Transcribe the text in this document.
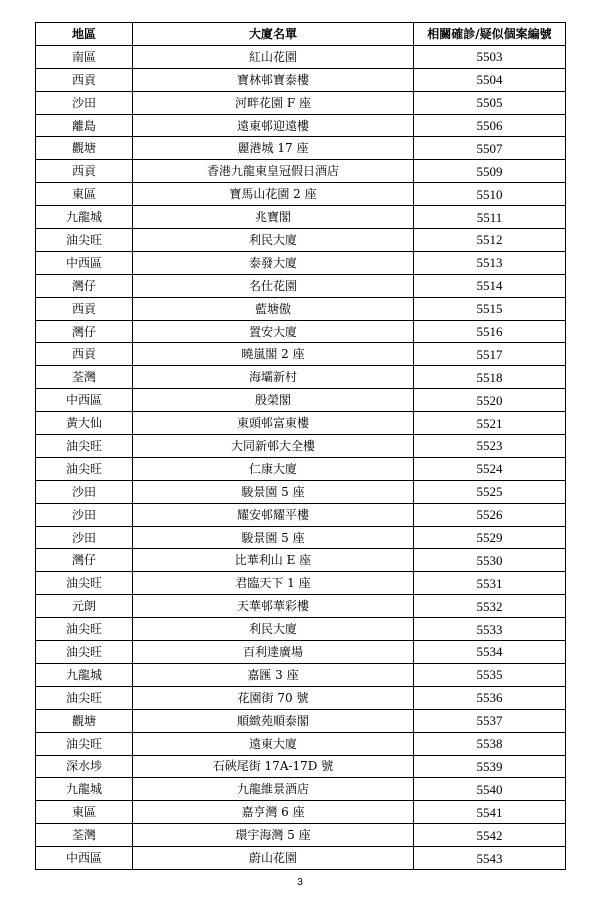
地區	大廈名單	相關確診/疑似個案編號
南區	紅山花園	5503
西貢	寶林邨寶泰樓	5504
沙田	河畔花園 F 座	5505
離島	遠東邨迎遠樓	5506
觀塘	麗港城 17 座	5507
西貢	香港九龍東皇冠假日酒店	5509
東區	寶馬山花園 2 座	5510
九龍城	兆寶閣	5511
油尖旺	利民大廈	5512
中西區	泰發大廈	5513
灣仔	名仕花園	5514
西貢	藍塘傲	5515
灣仔	置安大廈	5516
西貢	曉嵐閣 2 座	5517
荃灣	海壩新村	5518
中西區	殷榮閣	5520
黃大仙	東頭邨富東樓	5521
油尖旺	大同新邨大全樓	5523
油尖旺	仁康大廈	5524
沙田	駿景園 5 座	5525
沙田	耀安邨耀平樓	5526
沙田	駿景園 5 座	5529
灣仔	比華利山 E 座	5530
油尖旺	君臨天下 1 座	5531
元朗	天華邨華彩樓	5532
油尖旺	利民大廈	5533
油尖旺	百利達廣場	5534
九龍城	嘉匯 3 座	5535
油尖旺	花園街 70 號	5536
觀塘	順緻苑順泰閣	5537
油尖旺	遠東大廈	5538
深水埗	石硤尾街 17A-17D 號	5539
九龍城	九龍維景酒店	5540
東區	嘉亨灣 6 座	5541
荃灣	環宇海灣 5 座	5542
中西區	蔚山花園	5543
3
